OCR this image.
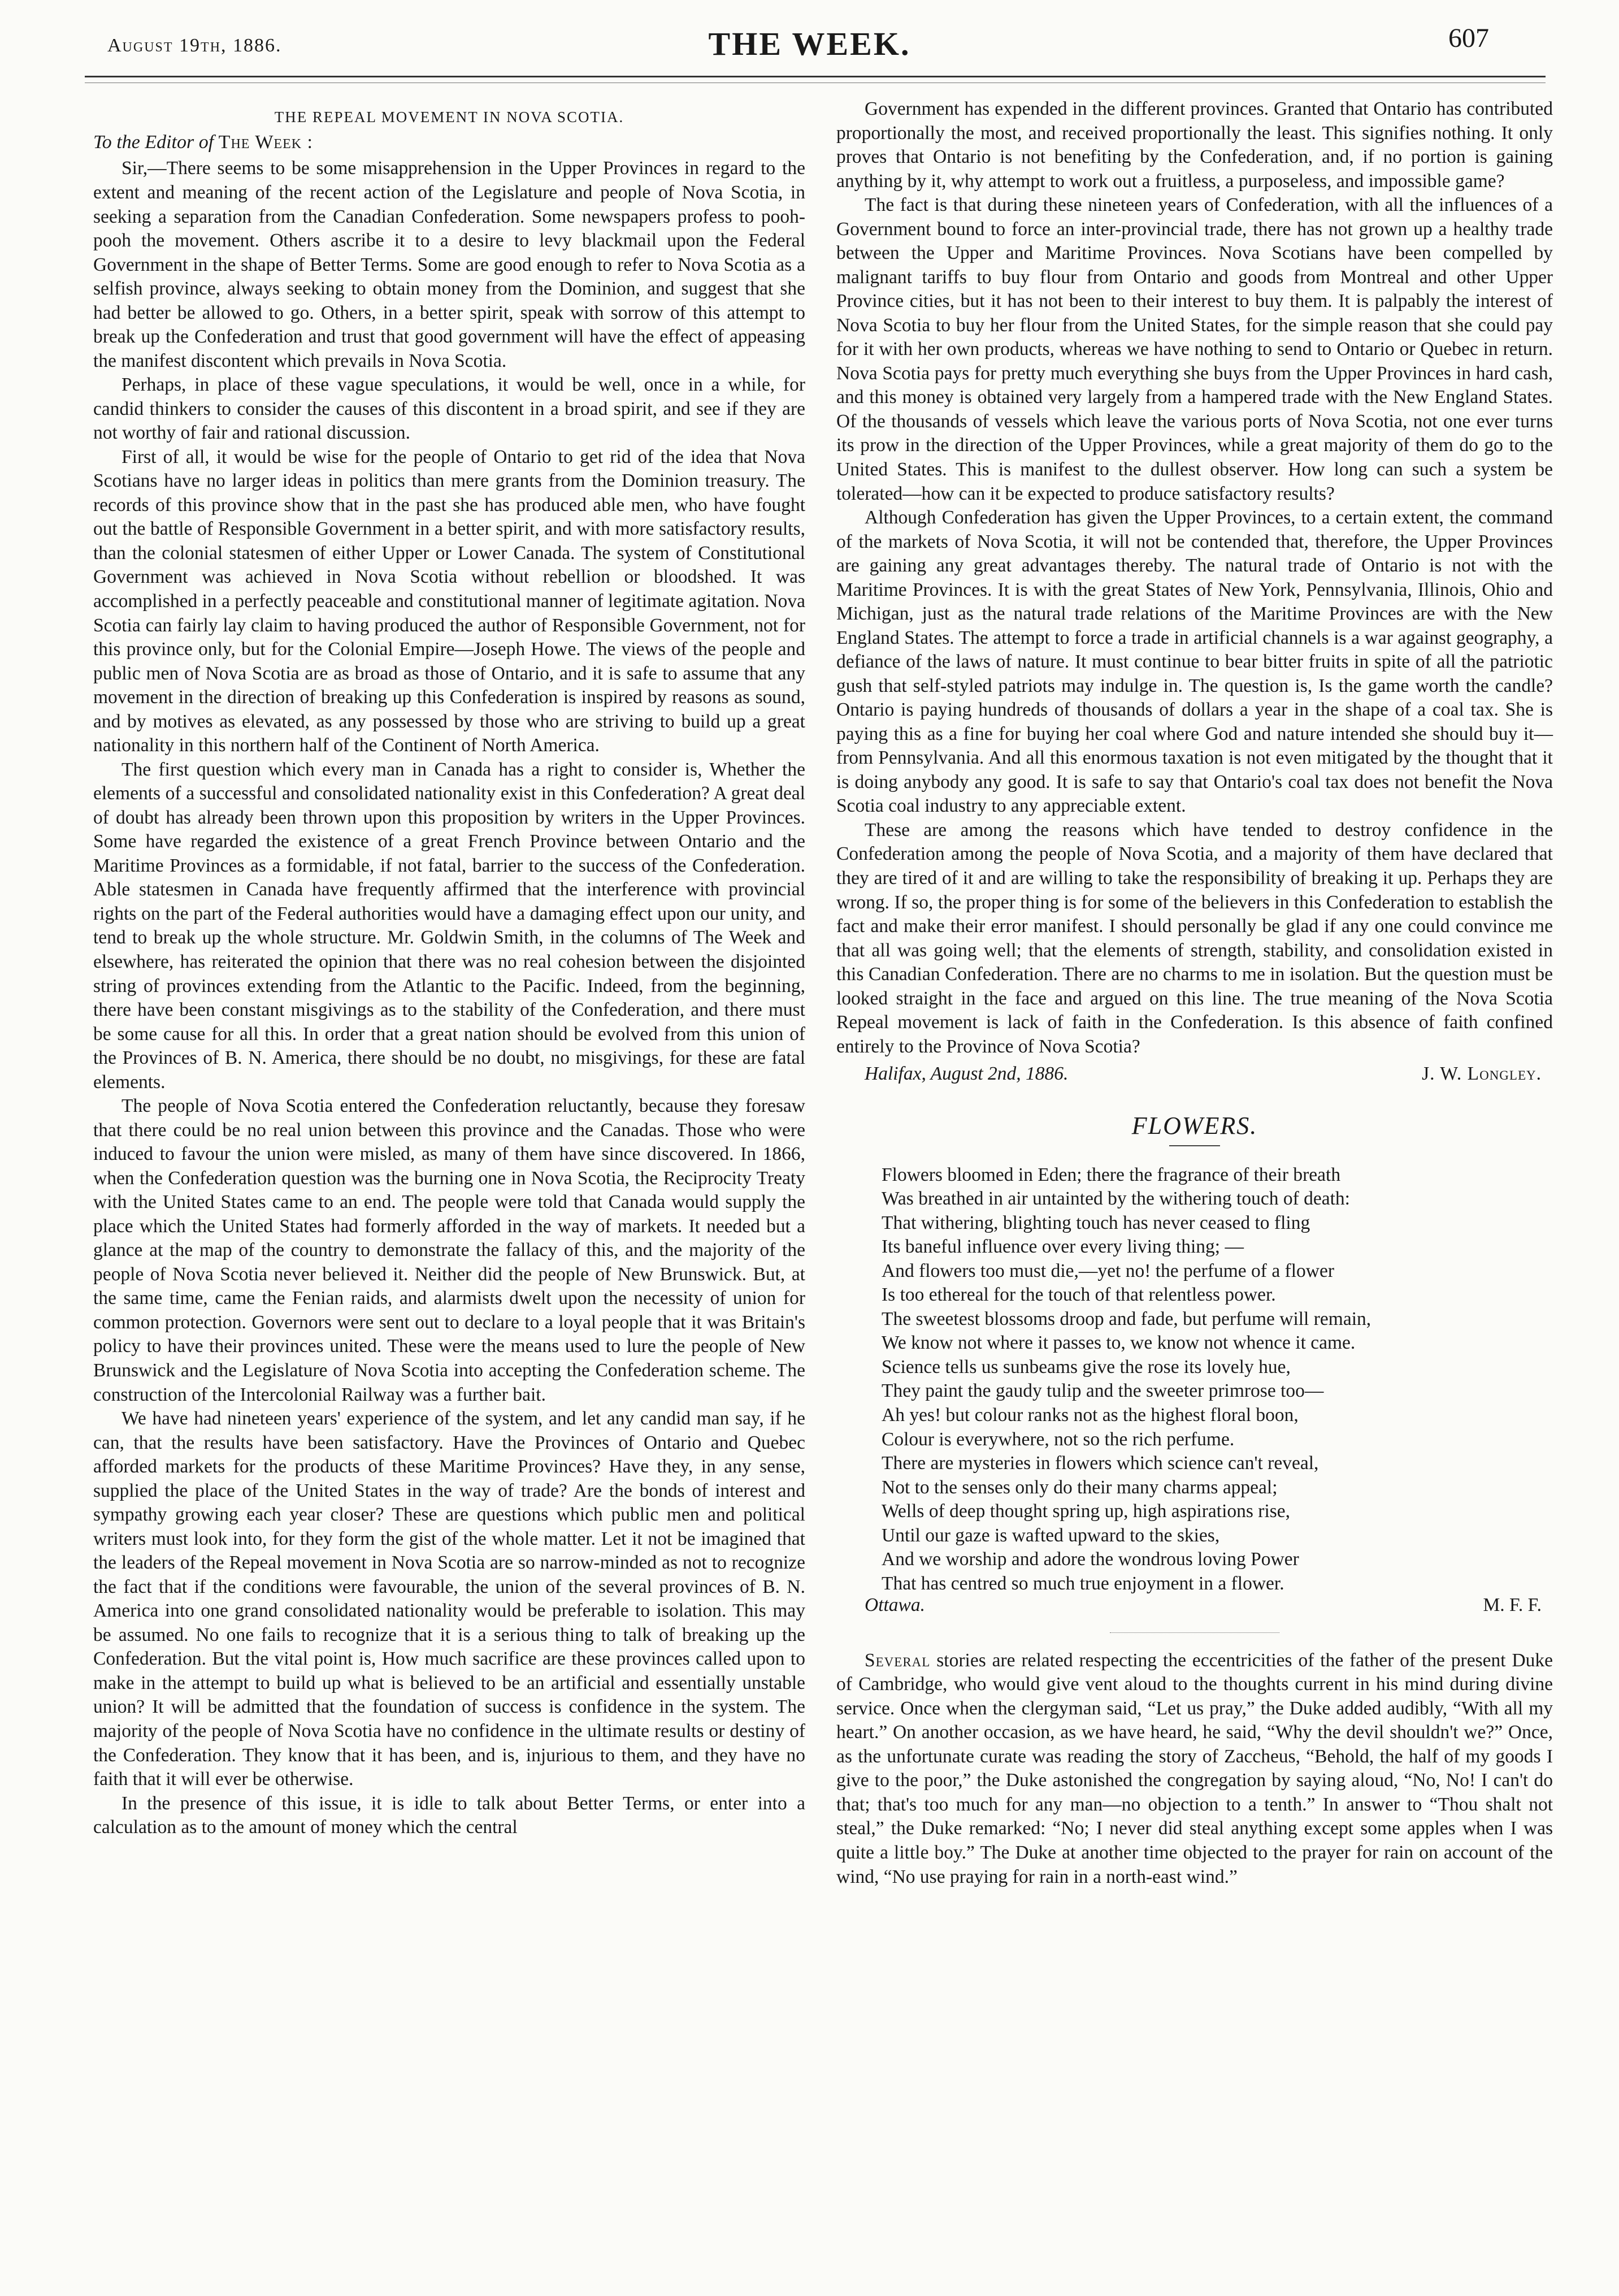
August 19th, 1886.	THE WEEK.	607
THE REPEAL MOVEMENT IN NOVA SCOTIA.
To the Editor of The Week :

Sir,—There seems to be some misapprehension in the Upper Provinces in regard to the extent and meaning of the recent action of the Legislature and people of Nova Scotia, in seeking a separation from the Canadian Confederation. Some newspapers profess to pooh-pooh the movement. Others ascribe it to a desire to levy blackmail upon the Federal Government in the shape of Better Terms. Some are good enough to refer to Nova Scotia as a selfish province, always seeking to obtain money from the Dominion, and suggest that she had better be allowed to go. Others, in a better spirit, speak with sorrow of this attempt to break up the Confederation and trust that good government will have the effect of appeasing the manifest discontent which prevails in Nova Scotia.

Perhaps, in place of these vague speculations, it would be well, once in a while, for candid thinkers to consider the causes of this discontent in a broad spirit, and see if they are not worthy of fair and rational discussion.

First of all, it would be wise for the people of Ontario to get rid of the idea that Nova Scotians have no larger ideas in politics than mere grants from the Dominion treasury. The records of this province show that in the past she has produced able men, who have fought out the battle of Responsible Government in a better spirit, and with more satisfactory results, than the colonial statesmen of either Upper or Lower Canada. The system of Constitutional Government was achieved in Nova Scotia without rebellion or bloodshed. It was accomplished in a perfectly peaceable and constitutional manner of legitimate agitation. Nova Scotia can fairly lay claim to having produced the author of Responsible Government, not for this province only, but for the Colonial Empire—Joseph Howe. The views of the people and public men of Nova Scotia are as broad as those of Ontario, and it is safe to assume that any movement in the direction of breaking up this Confederation is inspired by reasons as sound, and by motives as elevated, as any possessed by those who are striving to build up a great nationality in this northern half of the Continent of North America.

The first question which every man in Canada has a right to consider is, Whether the elements of a successful and consolidated nationality exist in this Confederation? A great deal of doubt has already been thrown upon this proposition by writers in the Upper Provinces. Some have regarded the existence of a great French Province between Ontario and the Maritime Provinces as a formidable, if not fatal, barrier to the success of the Confederation. Able statesmen in Canada have frequently affirmed that the interference with provincial rights on the part of the Federal authorities would have a damaging effect upon our unity, and tend to break up the whole structure. Mr. Goldwin Smith, in the columns of The Week and elsewhere, has reiterated the opinion that there was no real cohesion between the disjointed string of provinces extending from the Atlantic to the Pacific. Indeed, from the beginning, there have been constant misgivings as to the stability of the Confederation, and there must be some cause for all this. In order that a great nation should be evolved from this union of the Provinces of B. N. America, there should be no doubt, no misgivings, for these are fatal elements.

The people of Nova Scotia entered the Confederation reluctantly, because they foresaw that there could be no real union between this province and the Canadas. Those who were induced to favour the union were misled, as many of them have since discovered. In 1866, when the Confederation question was the burning one in Nova Scotia, the Reciprocity Treaty with the United States came to an end. The people were told that Canada would supply the place which the United States had formerly afforded in the way of markets. It needed but a glance at the map of the country to demonstrate the fallacy of this, and the majority of the people of Nova Scotia never believed it. Neither did the people of New Brunswick. But, at the same time, came the Fenian raids, and alarmists dwelt upon the necessity of union for common protection. Governors were sent out to declare to a loyal people that it was Britain's policy to have their provinces united. These were the means used to lure the people of New Brunswick and the Legislature of Nova Scotia into accepting the Confederation scheme. The construction of the Intercolonial Railway was a further bait.

We have had nineteen years' experience of the system, and let any candid man say, if he can, that the results have been satisfactory. Have the Provinces of Ontario and Quebec afforded markets for the products of these Maritime Provinces? Have they, in any sense, supplied the place of the United States in the way of trade? Are the bonds of interest and sympathy growing each year closer? These are questions which public men and political writers must look into, for they form the gist of the whole matter. Let it not be imagined that the leaders of the Repeal movement in Nova Scotia are so narrow-minded as not to recognize the fact that if the conditions were favourable, the union of the several provinces of B. N. America into one grand consolidated nationality would be preferable to isolation. This may be assumed. No one fails to recognize that it is a serious thing to talk of breaking up the Confederation. But the vital point is, How much sacrifice are these provinces called upon to make in the attempt to build up what is believed to be an artificial and essentially unstable union? It will be admitted that the foundation of success is confidence in the system. The majority of the people of Nova Scotia have no confidence in the ultimate results or destiny of the Confederation. They know that it has been, and is, injurious to them, and they have no faith that it will ever be otherwise.

In the presence of this issue, it is idle to talk about Better Terms, or enter into a calculation as to the amount of money which the central

Government has expended in the different provinces. Granted that Ontario has contributed proportionally the most, and received proportionally the least. This signifies nothing. It only proves that Ontario is not benefiting by the Confederation, and, if no portion is gaining anything by it, why attempt to work out a fruitless, a purposeless, and impossible game?

The fact is that during these nineteen years of Confederation, with all the influences of a Government bound to force an inter-provincial trade, there has not grown up a healthy trade between the Upper and Maritime Provinces. Nova Scotians have been compelled by malignant tariffs to buy flour from Ontario and goods from Montreal and other Upper Province cities, but it has not been to their interest to buy them. It is palpably the interest of Nova Scotia to buy her flour from the United States, for the simple reason that she could pay for it with her own products, whereas we have nothing to send to Ontario or Quebec in return. Nova Scotia pays for pretty much everything she buys from the Upper Provinces in hard cash, and this money is obtained very largely from a hampered trade with the New England States. Of the thousands of vessels which leave the various ports of Nova Scotia, not one ever turns its prow in the direction of the Upper Provinces, while a great majority of them do go to the United States. This is manifest to the dullest observer. How long can such a system be tolerated—how can it be expected to produce satisfactory results?

Although Confederation has given the Upper Provinces, to a certain extent, the command of the markets of Nova Scotia, it will not be contended that, therefore, the Upper Provinces are gaining any great advantages thereby. The natural trade of Ontario is not with the Maritime Provinces. It is with the great States of New York, Pennsylvania, Illinois, Ohio and Michigan, just as the natural trade relations of the Maritime Provinces are with the New England States. The attempt to force a trade in artificial channels is a war against geography, a defiance of the laws of nature. It must continue to bear bitter fruits in spite of all the patriotic gush that self-styled patriots may indulge in. The question is, Is the game worth the candle? Ontario is paying hundreds of thousands of dollars a year in the shape of a coal tax. She is paying this as a fine for buying her coal where God and nature intended she should buy it—from Pennsylvania. And all this enormous taxation is not even mitigated by the thought that it is doing anybody any good. It is safe to say that Ontario's coal tax does not benefit the Nova Scotia coal industry to any appreciable extent.

These are among the reasons which have tended to destroy confidence in the Confederation among the people of Nova Scotia, and a majority of them have declared that they are tired of it and are willing to take the responsibility of breaking it up. Perhaps they are wrong. If so, the proper thing is for some of the believers in this Confederation to establish the fact and make their error manifest. I should personally be glad if any one could convince me that all was going well; that the elements of strength, stability, and consolidation existed in this Canadian Confederation. There are no charms to me in isolation. But the question must be looked straight in the face and argued on this line. The true meaning of the Nova Scotia Repeal movement is lack of faith in the Confederation. Is this absence of faith confined entirely to the Province of Nova Scotia?

Halifax, August 2nd, 1886.	J. W. Longley.
FLOWERS.
Flowers bloomed in Eden; there the fragrance of their breath
Was breathed in air untainted by the withering touch of death:
That withering, blighting touch has never ceased to fling
Its baneful influence over every living thing; —
And flowers too must die,—yet no! the perfume of a flower
Is too ethereal for the touch of that relentless power.
The sweetest blossoms droop and fade, but perfume will remain,
We know not where it passes to, we know not whence it came.
Science tells us sunbeams give the rose its lovely hue,
They paint the gaudy tulip and the sweeter primrose too—
Ah yes! but colour ranks not as the highest floral boon,
Colour is everywhere, not so the rich perfume.
There are mysteries in flowers which science can't reveal,
Not to the senses only do their many charms appeal;
Wells of deep thought spring up, high aspirations rise,
Until our gaze is wafted upward to the skies,
And we worship and adore the wondrous loving Power
That has centred so much true enjoyment in a flower.
Ottawa.	M. F. F.

Several stories are related respecting the eccentricities of the father of the present Duke of Cambridge, who would give vent aloud to the thoughts current in his mind during divine service. Once when the clergyman said, “Let us pray,” the Duke added audibly, “With all my heart.” On another occasion, as we have heard, he said, “Why the devil shouldn't we?” Once, as the unfortunate curate was reading the story of Zaccheus, “Behold, the half of my goods I give to the poor,” the Duke astonished the congregation by saying aloud, “No, No! I can't do that; that's too much for any man—no objection to a tenth.” In answer to “Thou shalt not steal,” the Duke remarked: “No; I never did steal anything except some apples when I was quite a little boy.” The Duke at another time objected to the prayer for rain on account of the wind, “No use praying for rain in a north-east wind.”
